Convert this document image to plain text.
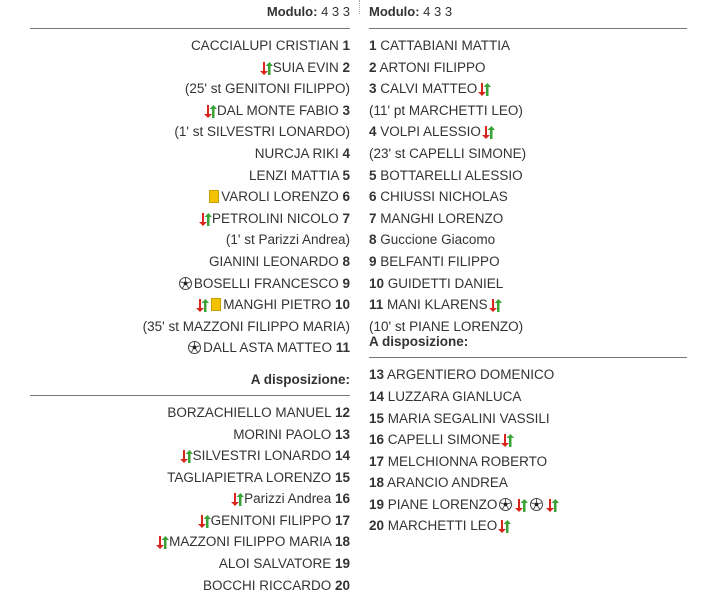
Modulo: 4 3 3
CACCIALUPI CRISTIAN 1
SUIA EVIN 2
(25' st GENITONI FILIPPO)
DAL MONTE FABIO 3
(1' st SILVESTRI LONARDO)
NURCJA RIKI 4
LENZI MATTIA 5
VAROLI LORENZO 6
PETROLINI NICOLO 7
(1' st Parizzi Andrea)
GIANINI LEONARDO 8
BOSELLI FRANCESCO 9
MANGHI PIETRO 10
(35' st MAZZONI FILIPPO MARIA)
DALL ASTA MATTEO 11
A disposizione:
BORZACHIELLO MANUEL 12
MORINI PAOLO 13
SILVESTRI LONARDO 14
TAGLIAPIETRA LORENZO 15
Parizzi Andrea 16
GENITONI FILIPPO 17
MAZZONI FILIPPO MARIA 18
ALOI SALVATORE 19
BOCCHI RICCARDO 20
Modulo: 4 3 3
1 CATTABIANI MATTIA
2 ARTONI FILIPPO
3 CALVI MATTEO
(11' pt MARCHETTI LEO)
4 VOLPI ALESSIO
(23' st CAPELLI SIMONE)
5 BOTTARELLI ALESSIO
6 CHIUSSI NICHOLAS
7 MANGHI LORENZO
8 Guccione Giacomo
9 BELFANTI FILIPPO
10 GUIDETTI DANIEL
11 MANI KLARENS
(10' st PIANE LORENZO)
A disposizione:
13 ARGENTIERO DOMENICO
14 LUZZARA GIANLUCA
15 MARIA SEGALINI VASSILI
16 CAPELLI SIMONE
17 MELCHIONNA ROBERTO
18 ARANCIO ANDREA
19 PIANE LORENZO
20 MARCHETTI LEO
